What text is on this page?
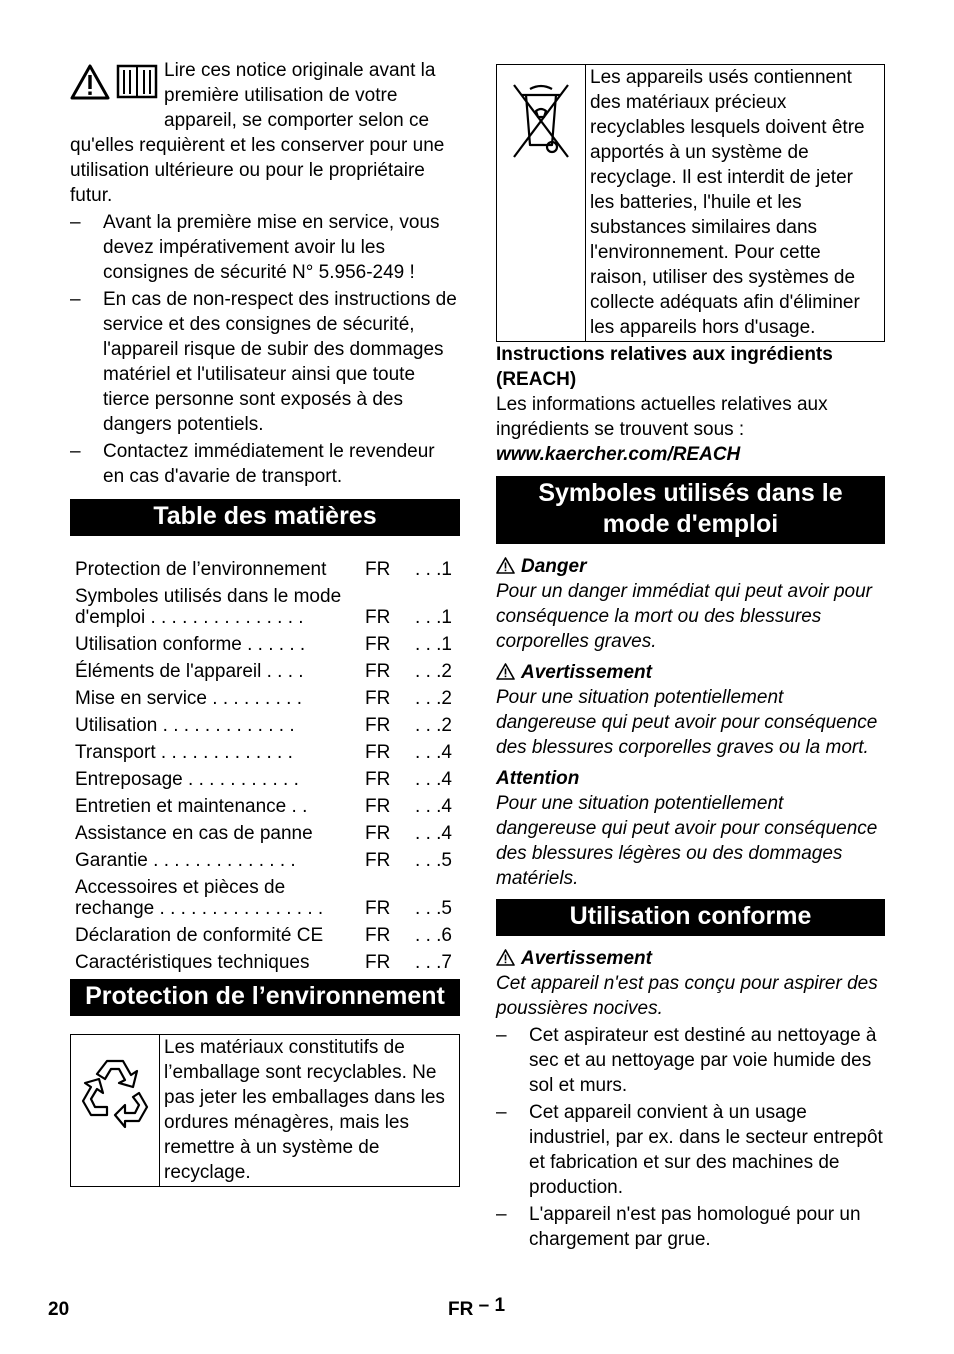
Lire ces notice originale avant la première utilisation de votre appareil, se comporter selon ce qu'elles requièrent et les conserver pour une utilisation ultérieure ou pour le propriétaire futur.

– Avant la première mise en service, vous devez impérativement avoir lu les consignes de sécurité N° 5.956-249 !
– En cas de non-respect des instructions de service et des consignes de sécurité, l'appareil risque de subir des dommages matériel et l'utilisateur ainsi que toute tierce personne sont exposés à des dangers potentiels.
– Contactez immédiatement le revendeur en cas d'avarie de transport.
Table des matières
Protection de l’environnement	FR	. . .1
Symboles utilisés dans le mode d'emploi . . . . . . . . . . . . . . .	FR	. . .1
Utilisation conforme . . . . . .	FR	. . .1
Éléments de l'appareil . . . .	FR	. . .2
Mise en service . . . . . . . . .	FR	. . .2
Utilisation . . . . . . . . . . . . .	FR	. . .2
Transport . . . . . . . . . . . . .	FR	. . .4
Entreposage . . . . . . . . . . .	FR	. . .4
Entretien et maintenance . .	FR	. . .4
Assistance en cas de panne	FR	. . .4
Garantie . . . . . . . . . . . . . .	FR	. . .5
Accessoires et pièces de rechange . . . . . . . . . . . . . . . .	FR	. . .5
Déclaration de conformité CE	FR	. . .6
Caractéristiques techniques	FR	. . .7
Protection de l’environnement
	Les matériaux constitutifs de l’emballage sont recyclables. Ne pas jeter les emballages dans les ordures ménagères, mais les remettre à un système de recyclage.
	Les appareils usés contiennent des matériaux précieux recyclables lesquels doivent être apportés à un système de recyclage. Il est interdit de jeter les batteries, l'huile et les substances similaires dans l'environnement. Pour cette raison, utiliser des systèmes de collecte adéquats afin d'éliminer les appareils hors d'usage.

Instructions relatives aux ingrédients (REACH)

Les informations actuelles relatives aux ingrédients se trouvent sous :

www.kaercher.com/REACH

Symboles utilisés dans le mode d'emploi

Danger

Pour un danger immédiat qui peut avoir pour conséquence la mort ou des blessures corporelles graves.

Avertissement

Pour une situation potentiellement dangereuse qui peut avoir pour conséquence des blessures corporelles graves ou la mort.

Attention

Pour une situation potentiellement dangereuse qui peut avoir pour conséquence des blessures légères ou des dommages matériels.

Utilisation conforme

Avertissement

Cet appareil n'est pas conçu pour aspirer des poussières nocives.

– Cet aspirateur est destiné au nettoyage à sec et au nettoyage par voie humide des sol et murs.
– Cet appareil convient à un usage industriel, par ex. dans le secteur entrepôt et fabrication et sur des machines de production.
– L'appareil n'est pas homologué pour un chargement par grue.
20	FR – 1
